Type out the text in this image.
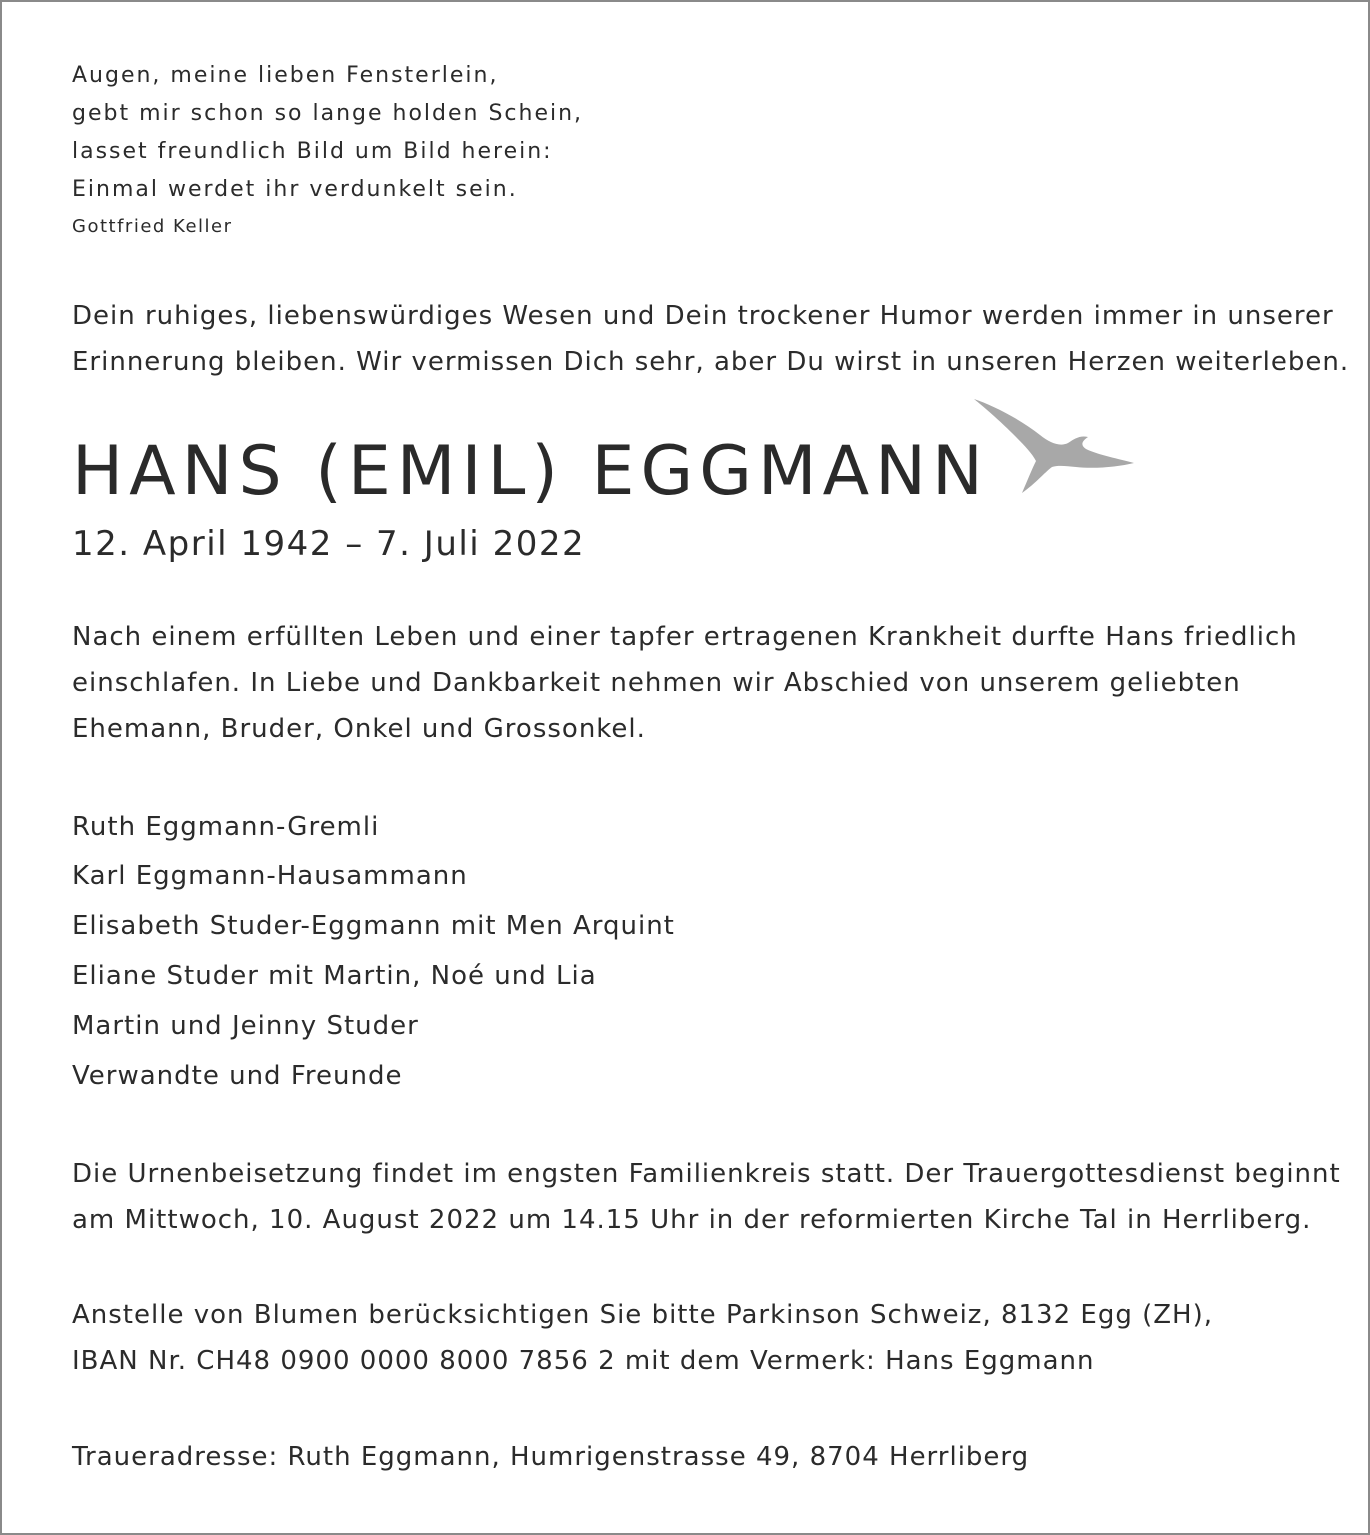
Augen, meine lieben Fensterlein,
gebt mir schon so lange holden Schein,
lasset freundlich Bild um Bild herein:
Einmal werdet ihr verdunkelt sein.
Gottfried Keller
Dein ruhiges, liebenswürdiges Wesen und Dein trockener Humor werden immer in unserer
Erinnerung bleiben. Wir vermissen Dich sehr, aber Du wirst in unseren Herzen weiterleben.
HANS (EMIL) EGGMANN
12. April 1942 – 7. Juli 2022
Nach einem erfüllten Leben und einer tapfer ertragenen Krankheit durfte Hans friedlich
einschlafen. In Liebe und Dankbarkeit nehmen wir Abschied von unserem geliebten
Ehemann, Bruder, Onkel und Grossonkel.
Ruth Eggmann-Gremli
Karl Eggmann-Hausammann
Elisabeth Studer-Eggmann mit Men Arquint
Eliane Studer mit Martin, Noé und Lia
Martin und Jeinny Studer
Verwandte und Freunde
Die Urnenbeisetzung findet im engsten Familienkreis statt. Der Trauergottesdienst beginnt
am Mittwoch, 10. August 2022 um 14.15 Uhr in der reformierten Kirche Tal in Herrliberg.
Anstelle von Blumen berücksichtigen Sie bitte Parkinson Schweiz, 8132 Egg (ZH),
IBAN Nr. CH48 0900 0000 8000 7856 2 mit dem Vermerk: Hans Eggmann
Traueradresse: Ruth Eggmann, Humrigenstrasse 49, 8704 Herrliberg
